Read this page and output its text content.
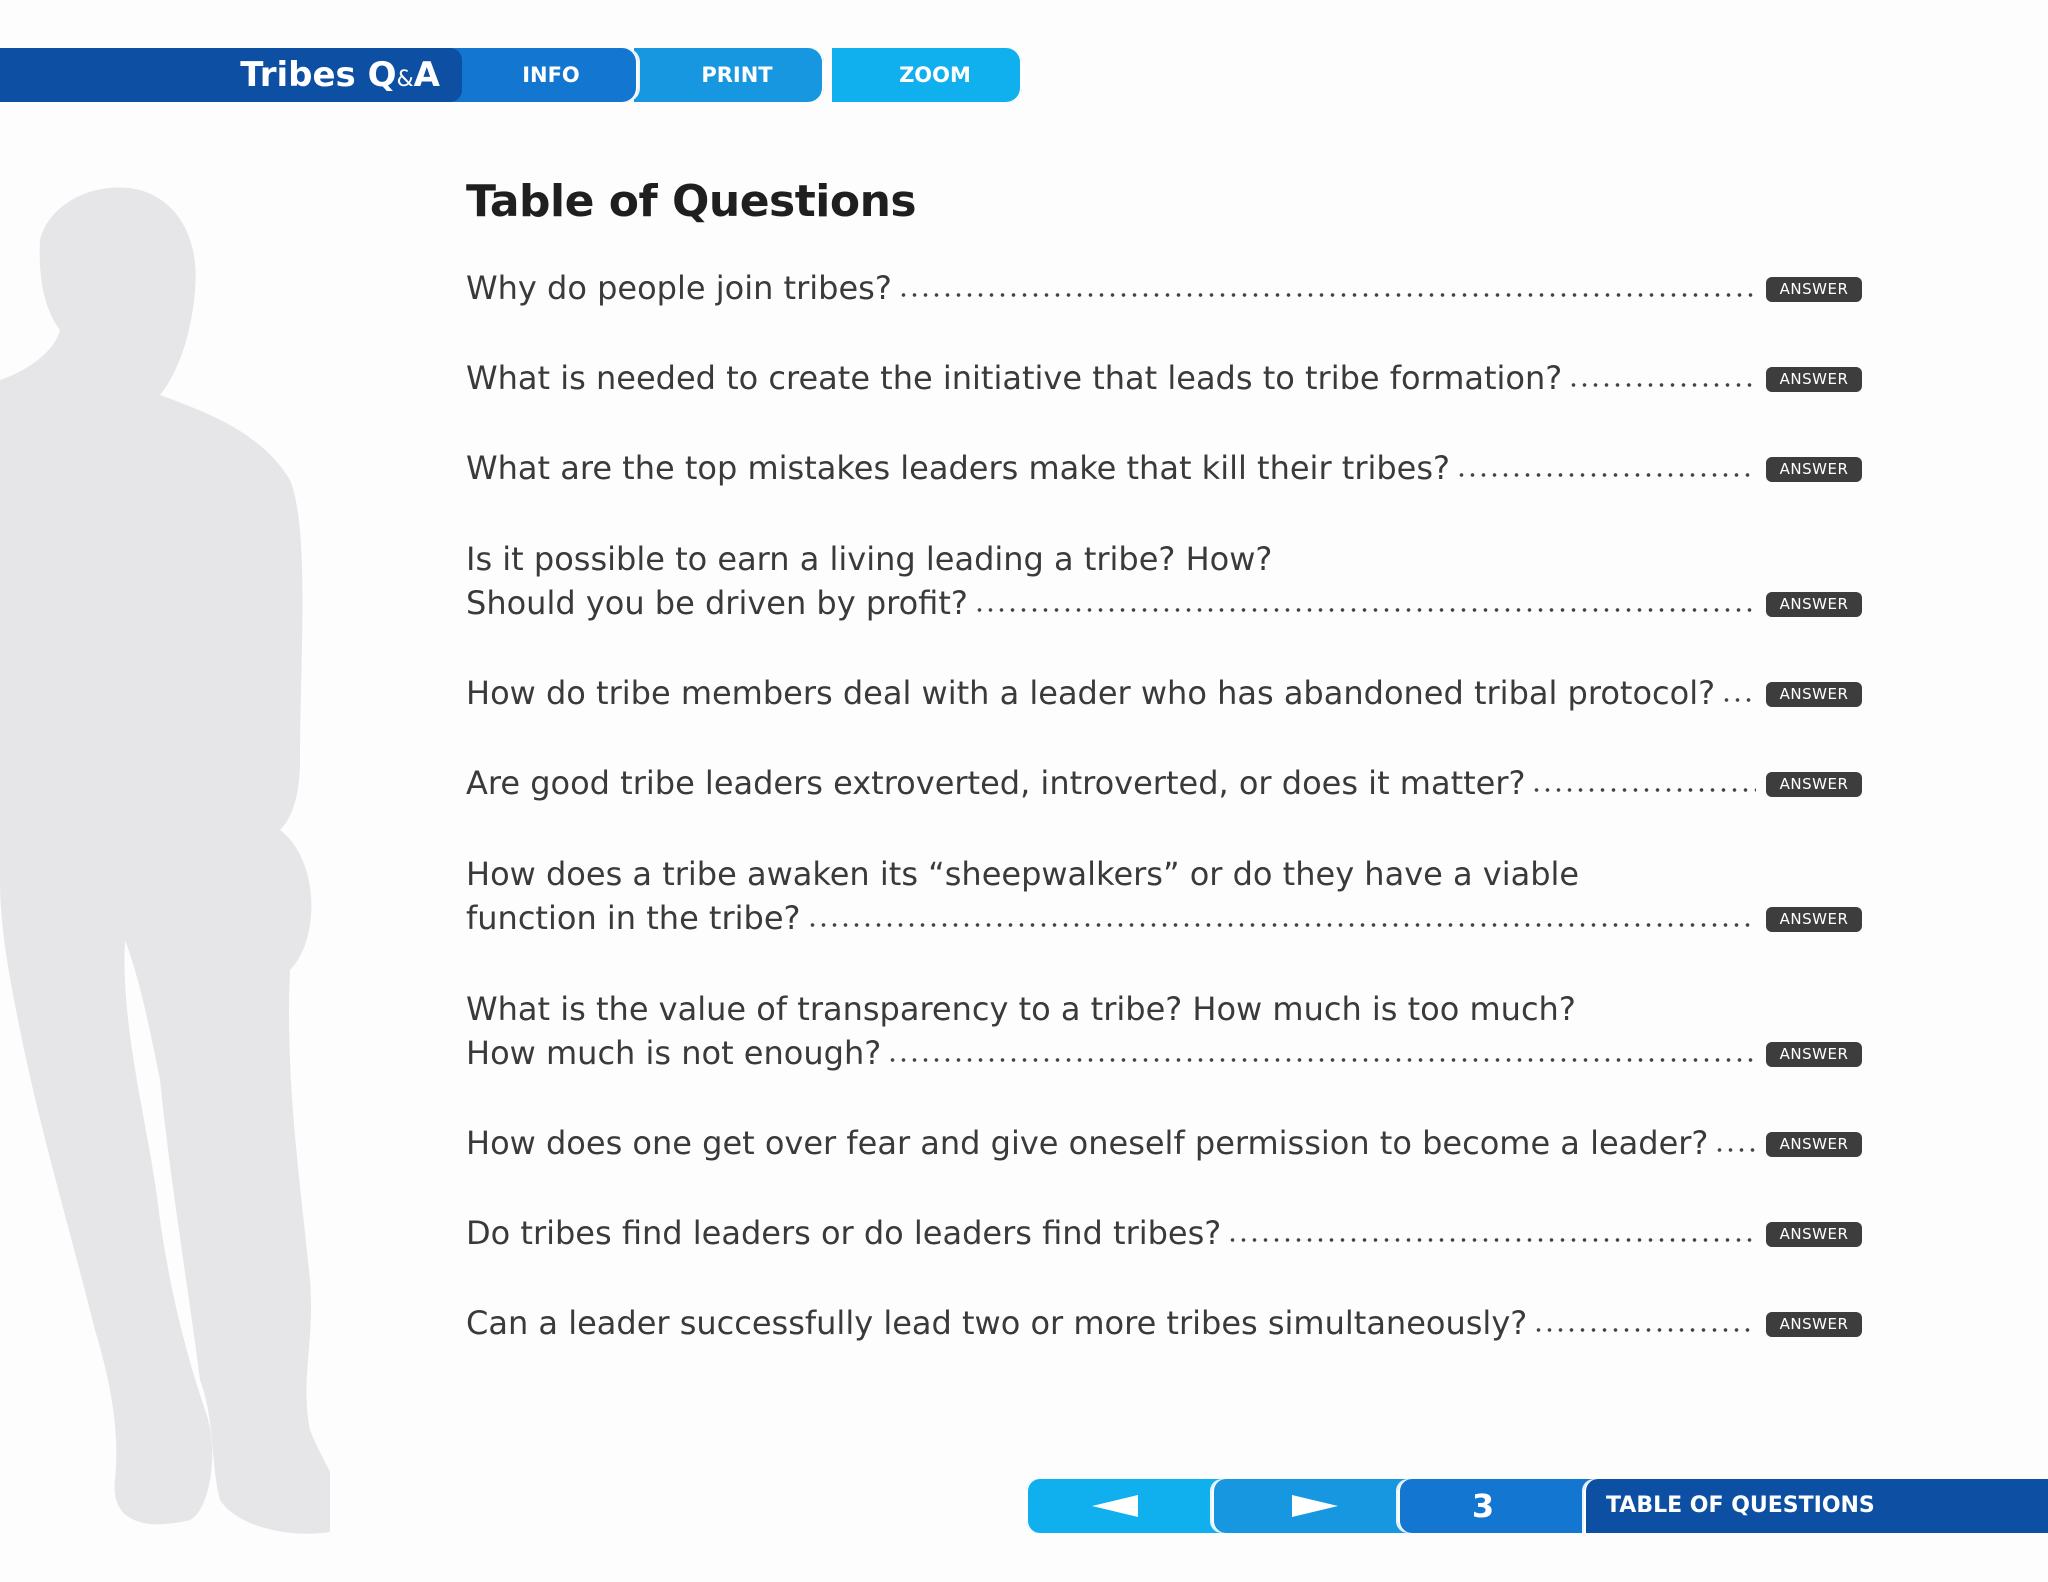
Tribes Q&A	INFO	PRINT	ZOOM
Table of Questions
Why do people join tribes?	ANSWER
What is needed to create the initiative that leads to tribe formation?	ANSWER
What are the top mistakes leaders make that kill their tribes?	ANSWER
Is it possible to earn a living leading a tribe? How?
Should you be driven by profit?	ANSWER
How do tribe members deal with a leader who has abandoned tribal protocol?	ANSWER
Are good tribe leaders extroverted, introverted, or does it matter?	ANSWER
How does a tribe awaken its “sheepwalkers” or do they have a viable
function in the tribe?	ANSWER
What is the value of transparency to a tribe? How much is too much?
How much is not enough?	ANSWER
How does one get over fear and give oneself permission to become a leader?	ANSWER
Do tribes find leaders or do leaders find tribes?	ANSWER
Can a leader successfully lead two or more tribes simultaneously?	ANSWER
3	TABLE OF QUESTIONS
